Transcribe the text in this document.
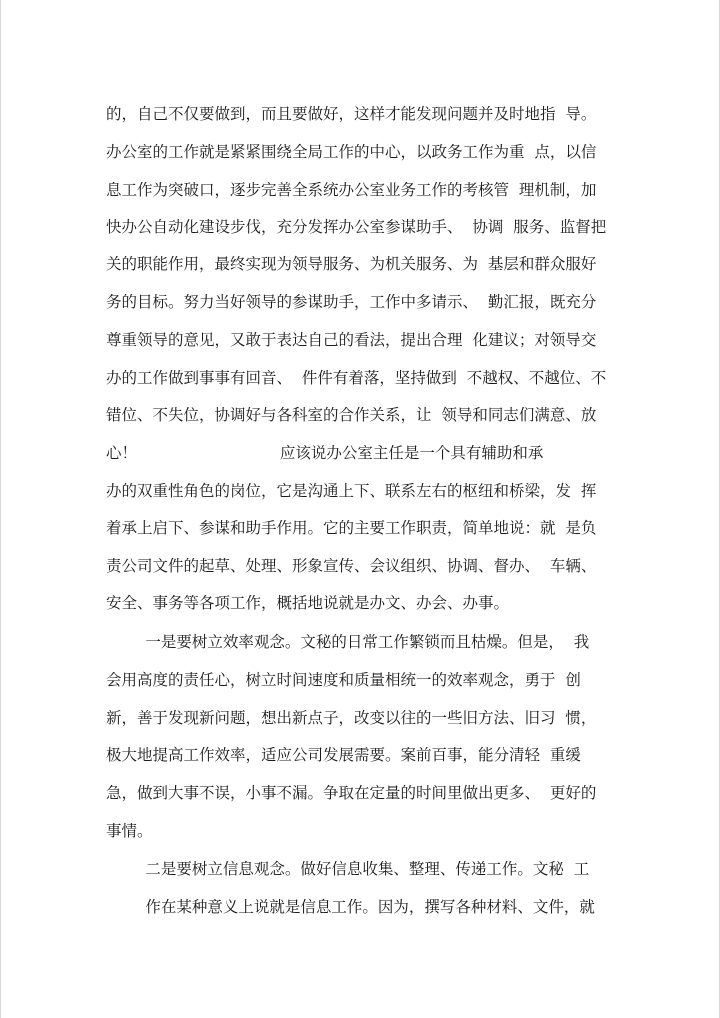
的，自己不仅要做到，而且要做好，这样才能发现问题并及时地指  导。
办公室的工作就是紧紧围绕全局工作的中心，以政务工作为重  点，以信
息工作为突破口，逐步完善全系统办公室业务工作的考核管  理机制，加
快办公自动化建设步伐，充分发挥办公室参谋助手、  协调  服务、监督把
关的职能作用，最终实现为领导服务、为机关服务、为  基层和群众服好
务的目标。努力当好领导的参谋助手，工作中多请示、  勤汇报，既充分
尊重领导的意见，又敢于表达自己的看法，提出合理  化建议；对领导交
办的工作做到事事有回音、  件件有着落，坚持做到  不越权、不越位、不
错位、不失位，协调好与各科室的合作关系，让  领导和同志们满意、放
心！                             应该说办公室主任是一个具有辅助和承
办的双重性角色的岗位，它是沟通上下、联系左右的枢纽和桥梁，发  挥
着承上启下、参谋和助手作用。它的主要工作职责，简单地说：就  是负
责公司文件的起草、处理、形象宣传、会议组织、协调、督办、  车辆、
安全、事务等各项工作，概括地说就是办文、办会、办事。
一是要树立效率观念。文秘的日常工作繁锁而且枯燥。但是，  我
会用高度的责任心，树立时间速度和质量相统一的效率观念，勇于  创
新，善于发现新问题，想出新点子，改变以往的一些旧方法、旧习  惯，
极大地提高工作效率，适应公司发展需要。案前百事，能分清轻  重缓
急，做到大事不误，小事不漏。争取在定量的时间里做出更多、  更好的
事情。
二是要树立信息观念。做好信息收集、整理、传递工作。文秘  工
作在某种意义上说就是信息工作。因为，撰写各种材料、文件，就
